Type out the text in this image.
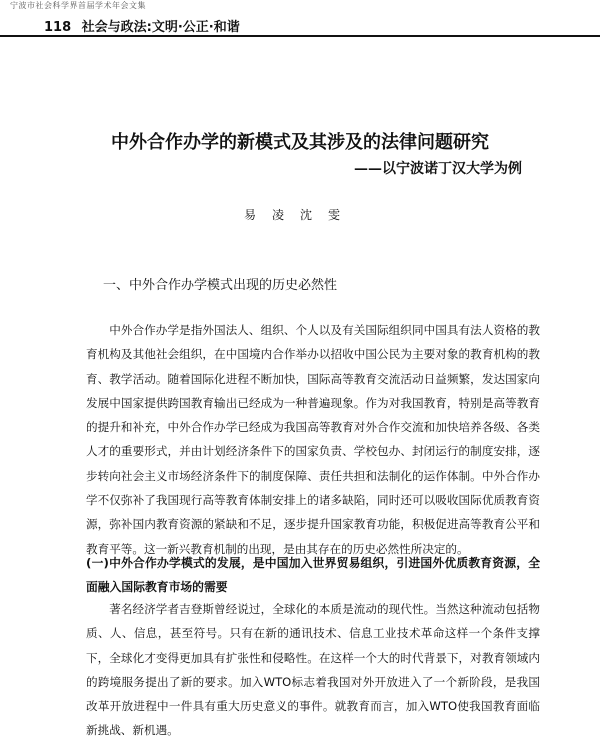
宁波市社会科学界首届学术年会文集
118 社会与政法:文明·公正·和谐
中外合作办学的新模式及其涉及的法律问题研究
——以宁波诺丁汉大学为例
易凌沈雯
一、中外合作办学模式出现的历史必然性

中外合作办学是指外国法人、组织、个人以及有关国际组织同中国具有法人资格的教育机构及其他社会组织，在中国境内合作举办以招收中国公民为主要对象的教育机构的教育、教学活动。随着国际化进程不断加快，国际高等教育交流活动日益频繁，发达国家向发展中国家提供跨国教育输出已经成为一种普遍现象。作为对我国教育，特别是高等教育的提升和补充，中外合作办学已经成为我国高等教育对外合作交流和加快培养各级、各类人才的重要形式，并由计划经济条件下的国家负责、学校包办、封闭运行的制度安排，逐步转向社会主义市场经济条件下的制度保障、责任共担和法制化的运作体制。中外合作办学不仅弥补了我国现行高等教育体制安排上的诸多缺陷，同时还可以吸收国际优质教育资源，弥补国内教育资源的紧缺和不足，逐步提升国家教育功能，积极促进高等教育公平和教育平等。这一新兴教育机制的出现，是由其存在的历史必然性所决定的。

(一)中外合作办学模式的发展，是中国加入世界贸易组织，引进国外优质教育资源，全面融入国际教育市场的需要

著名经济学者吉登斯曾经说过，全球化的本质是流动的现代性。当然这种流动包括物质、人、信息，甚至符号。只有在新的通讯技术、信息工业技术革命这样一个条件支撑下，全球化才变得更加具有扩张性和侵略性。在这样一个大的时代背景下，对教育领域内的跨境服务提出了新的要求。加入WTO标志着我国对外开放进入了一个新阶段，是我国改革开放进程中一件具有重大历史意义的事件。就教育而言，加入WTO使我国教育面临新挑战、新机遇。
